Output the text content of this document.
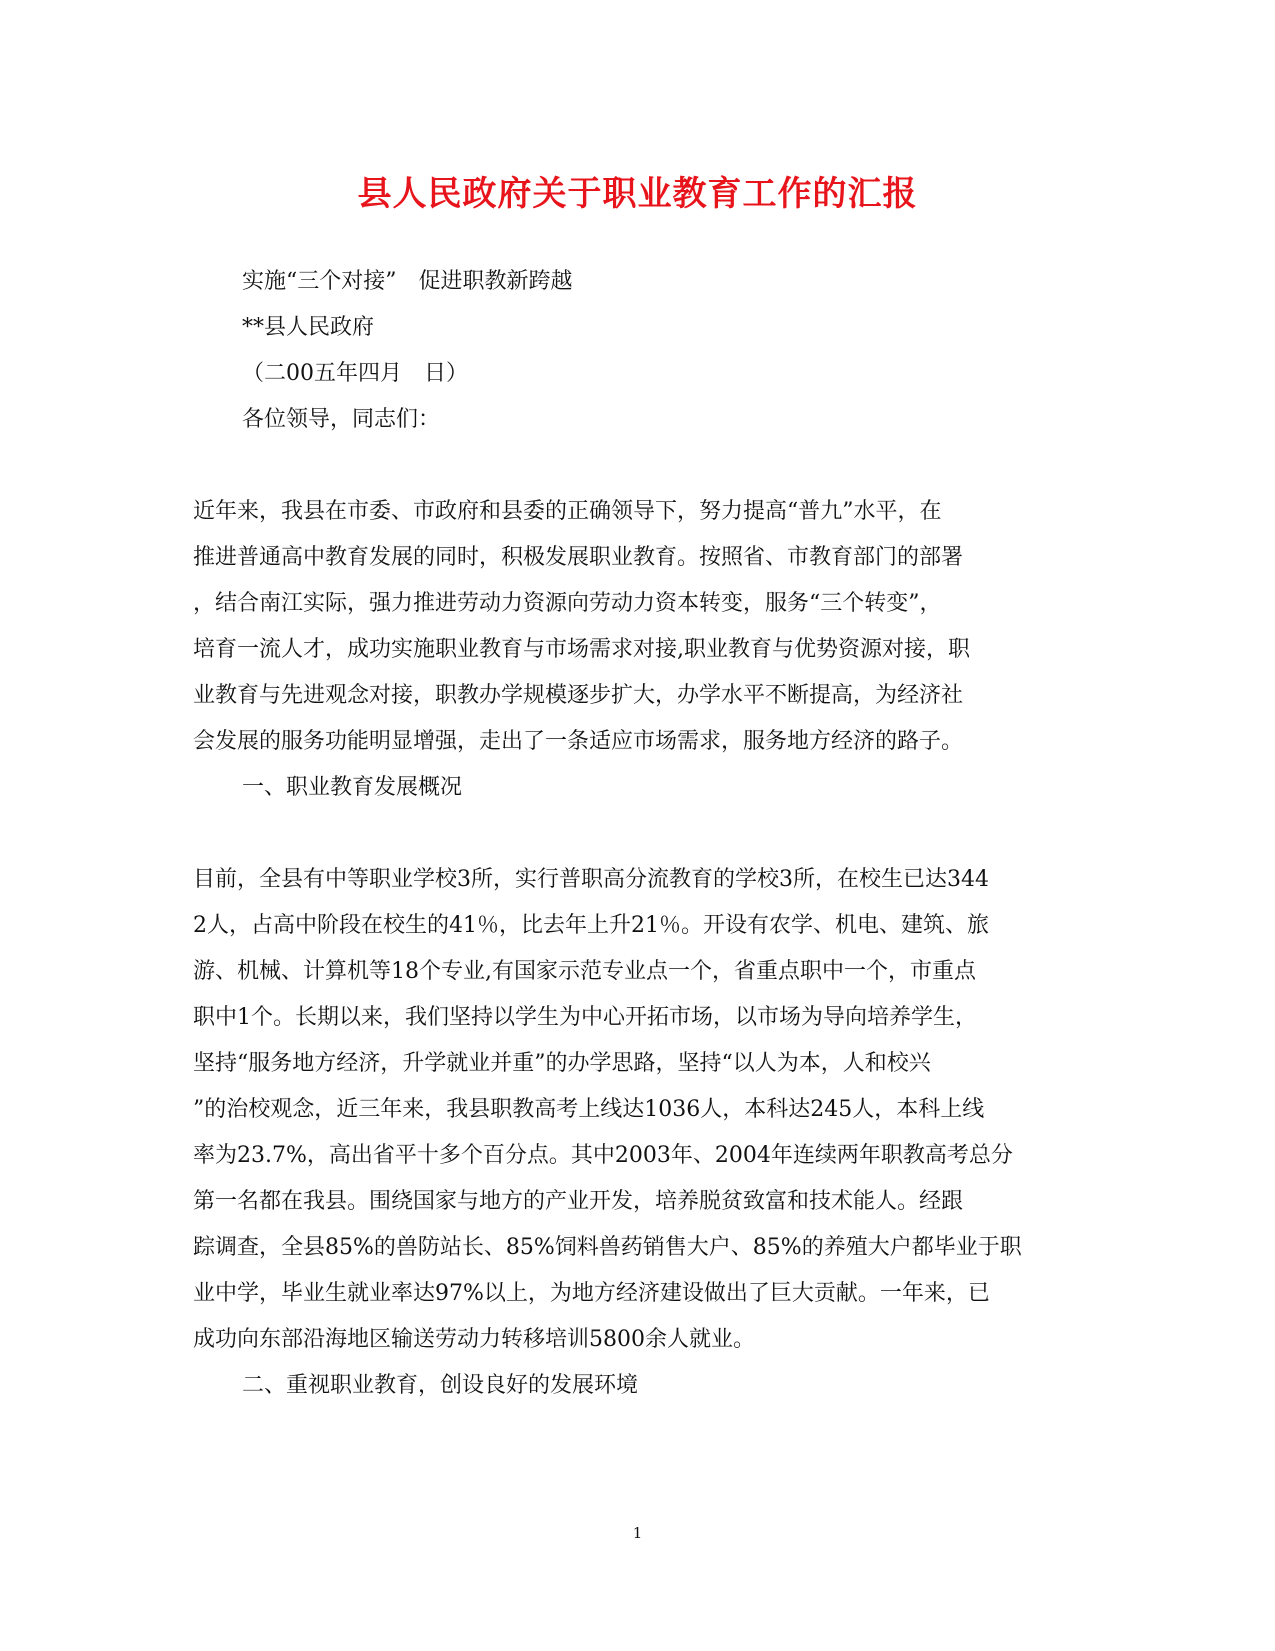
县人民政府关于职业教育工作的汇报
实施“三个对接”　促进职教新跨越
**县人民政府
（二00五年四月　日）
各位领导，同志们：
近年来，我县在市委、市政府和县委的正确领导下，努力提高“普九”水平，在
推进普通高中教育发展的同时，积极发展职业教育。按照省、市教育部门的部署
，结合南江实际，强力推进劳动力资源向劳动力资本转变，服务“三个转变”，
培育一流人才，成功实施职业教育与市场需求对接,职业教育与优势资源对接，职
业教育与先进观念对接，职教办学规模逐步扩大，办学水平不断提高，为经济社
会发展的服务功能明显增强，走出了一条适应市场需求，服务地方经济的路子。
一、职业教育发展概况
目前，全县有中等职业学校3所，实行普职高分流教育的学校3所，在校生已达344
2人，占高中阶段在校生的41％，比去年上升21％。开设有农学、机电、建筑、旅
游、机械、计算机等18个专业,有国家示范专业点一个，省重点职中一个，市重点
职中1个。长期以来，我们坚持以学生为中心开拓市场，以市场为导向培养学生，
坚持“服务地方经济，升学就业并重”的办学思路，坚持“以人为本，人和校兴
”的治校观念，近三年来，我县职教高考上线达1036人，本科达245人，本科上线
率为23.7%，高出省平十多个百分点。其中2003年、2004年连续两年职教高考总分
第一名都在我县。围绕国家与地方的产业开发，培养脱贫致富和技术能人。经跟
踪调查，全县85%的兽防站长、85%饲料兽药销售大户、85%的养殖大户都毕业于职
业中学，毕业生就业率达97%以上，为地方经济建设做出了巨大贡献。一年来，已
成功向东部沿海地区输送劳动力转移培训5800余人就业。
二、重视职业教育，创设良好的发展环境
1
